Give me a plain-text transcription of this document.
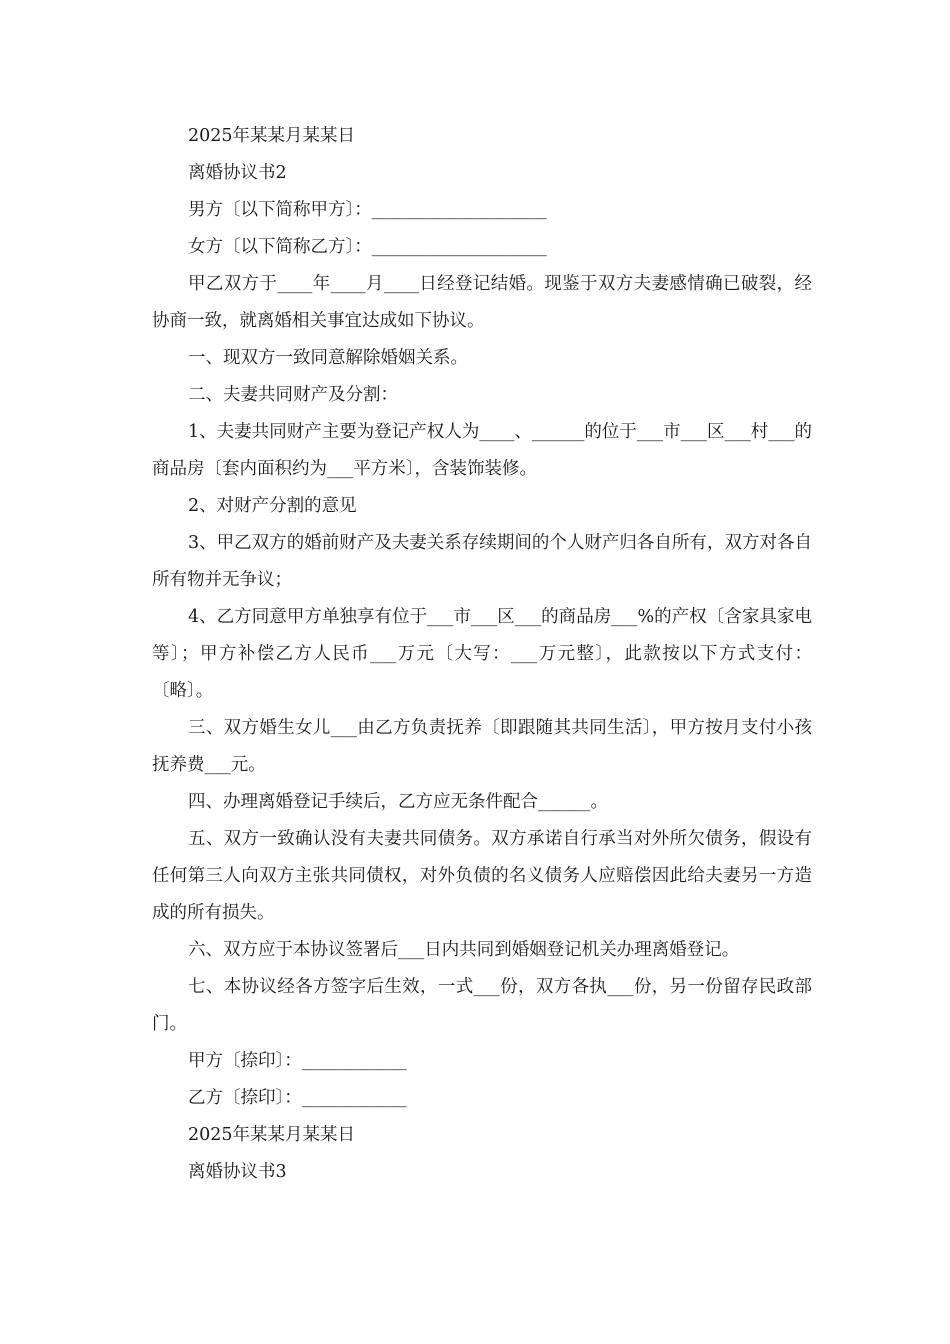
2025年某某月某某日

离婚协议书2

男方〔以下简称甲方〕：____________________

女方〔以下简称乙方〕：____________________

甲乙双方于____年____月____日经登记结婚。现鉴于双方夫妻感情确已破裂，经协商一致，就离婚相关事宜达成如下协议。

一、现双方一致同意解除婚姻关系。

二、夫妻共同财产及分割：

1、夫妻共同财产主要为登记产权人为____、______的位于___市___区___村___的商品房〔套内面积约为___平方米〕，含装饰装修。

2、对财产分割的意见

3、甲乙双方的婚前财产及夫妻关系存续期间的个人财产归各自所有，双方对各自所有物并无争议；

4、乙方同意甲方单独享有位于___市___区___的商品房___%的产权〔含家具家电等〕；甲方补偿乙方人民币___万元〔大写：___万元整〕，此款按以下方式支付：〔略〕。

三、双方婚生女儿___由乙方负责抚养〔即跟随其共同生活〕，甲方按月支付小孩抚养费___元。

四、办理离婚登记手续后，乙方应无条件配合______。

五、双方一致确认没有夫妻共同债务。双方承诺自行承当对外所欠债务，假设有任何第三人向双方主张共同债权，对外负债的名义债务人应赔偿因此给夫妻另一方造成的所有损失。

六、双方应于本协议签署后___日内共同到婚姻登记机关办理离婚登记。

七、本协议经各方签字后生效，一式___份，双方各执___份，另一份留存民政部门。

甲方〔捺印〕：____________

乙方〔捺印〕：____________

2025年某某月某某日

离婚协议书3
